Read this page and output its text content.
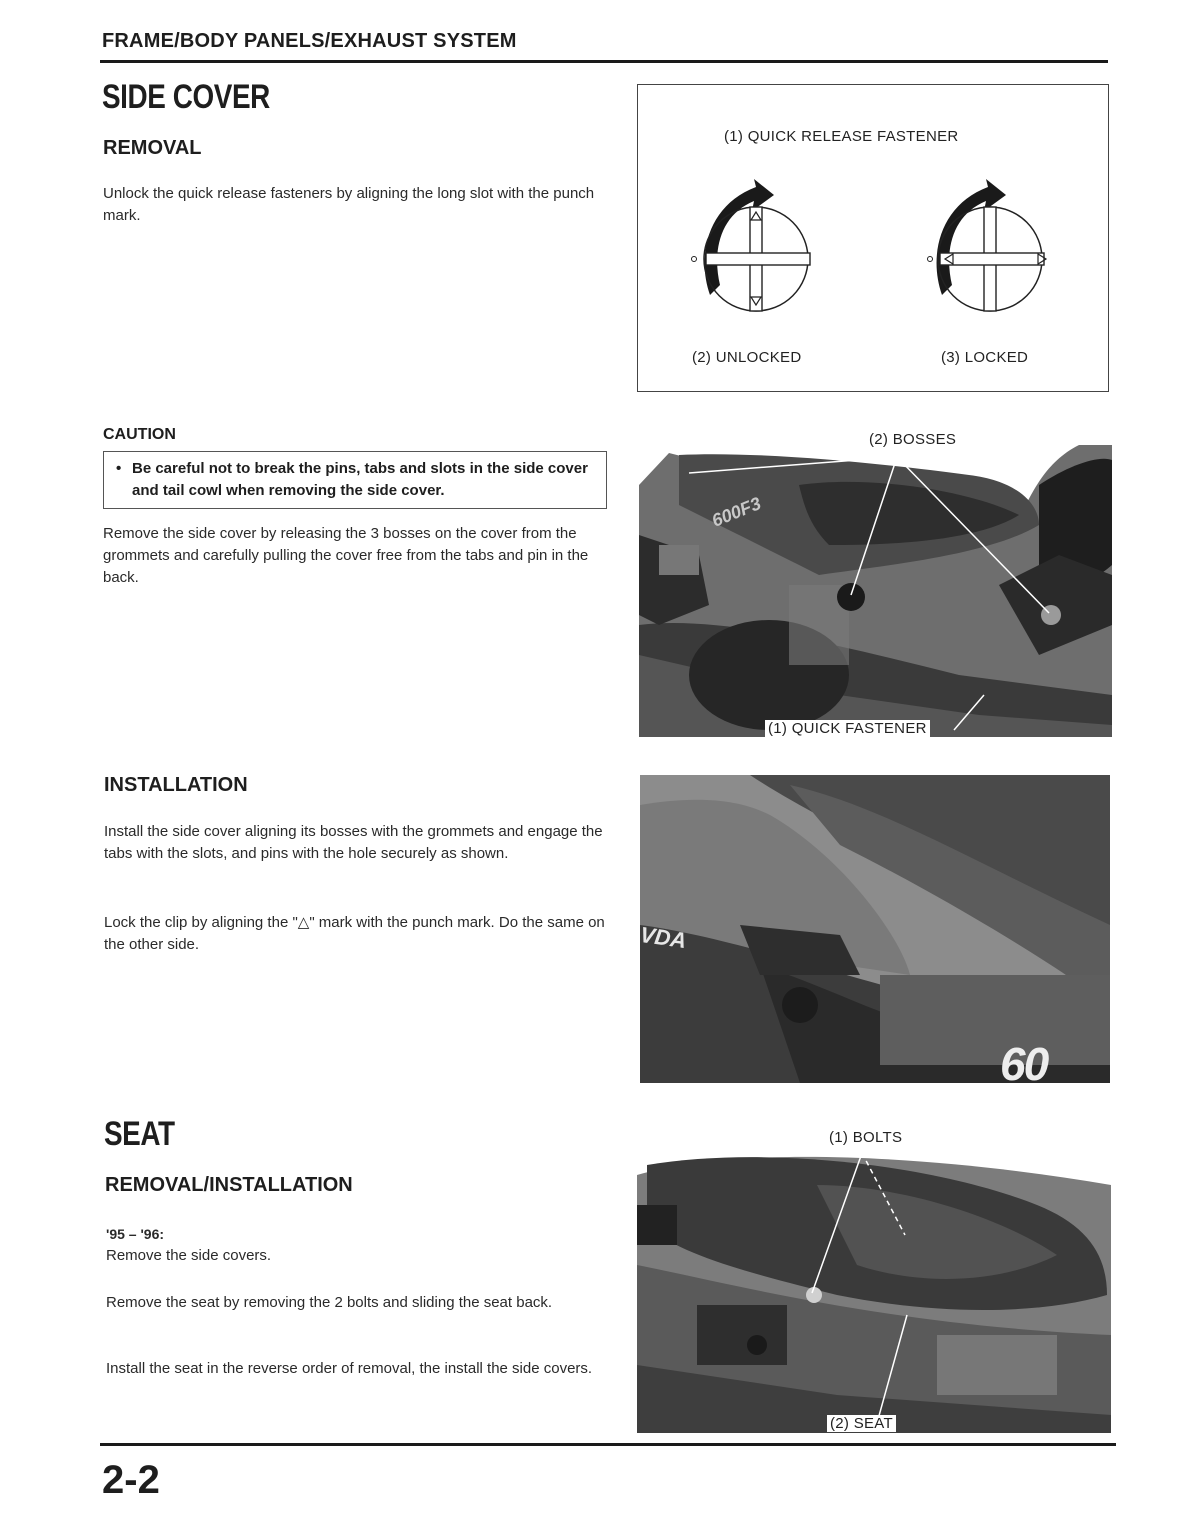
FRAME/BODY PANELS/EXHAUST SYSTEM
SIDE COVER
REMOVAL
Unlock the quick release fasteners by aligning the long slot with the punch mark.
CAUTION
• Be careful not to break the pins, tabs and slots in the side cover and tail cowl when removing the side cover.
Remove the side cover by releasing the 3 bosses on the cover from the grommets and carefully pulling the cover free from the tabs and pin in the back.
INSTALLATION
Install the side cover aligning its bosses with the grommets and engage the tabs with the slots, and pins with the hole securely as shown.
Lock the clip by aligning the "△" mark with the punch mark. Do the same on the other side.
SEAT
REMOVAL/INSTALLATION
'95 – '96:
Remove the side covers.
Remove the seat by removing the 2 bolts and sliding the seat back.
Install the seat in the reverse order of removal, the install the side covers.
(1) QUICK RELEASE FASTENER
(2) UNLOCKED	(3) LOCKED
(2) BOSSES
(1) QUICK FASTENER
600F3
VDA
60
(1) BOLTS
(2) SEAT
2-2
